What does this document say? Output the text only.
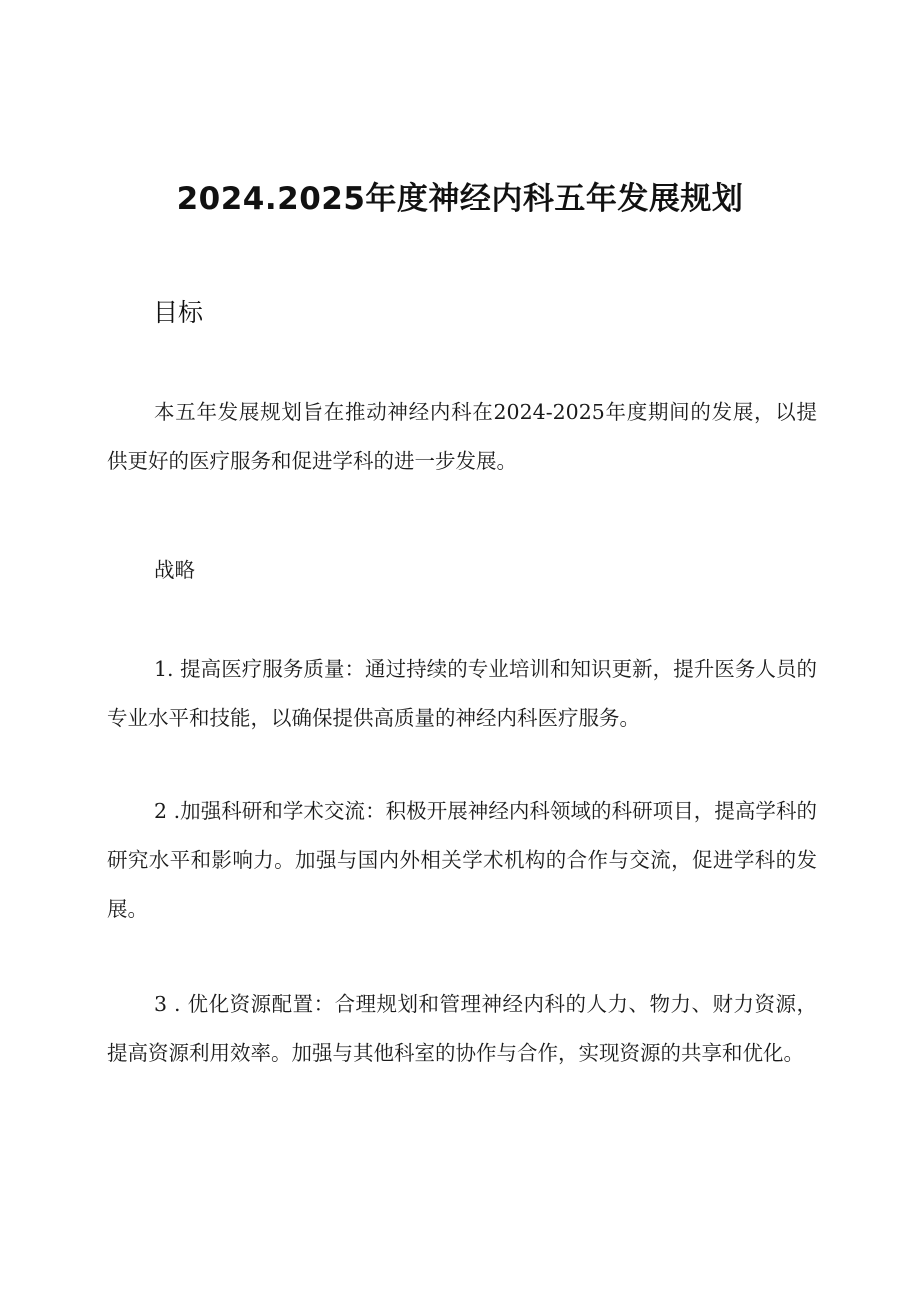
2024.2025年度神经内科五年发展规划
目标

本五年发展规划旨在推动神经内科在2024-2025年度期间的发展，以提供更好的医疗服务和促进学科的进一步发展。

战略

1. 提高医疗服务质量：通过持续的专业培训和知识更新，提升医务人员的专业水平和技能，以确保提供高质量的神经内科医疗服务。

2 .加强科研和学术交流：积极开展神经内科领域的科研项目，提高学科的研究水平和影响力。加强与国内外相关学术机构的合作与交流，促进学科的发展。

3 . 优化资源配置：合理规划和管理神经内科的人力、物力、财力资源，提高资源利用效率。加强与其他科室的协作与合作，实现资源的共享和优化。
